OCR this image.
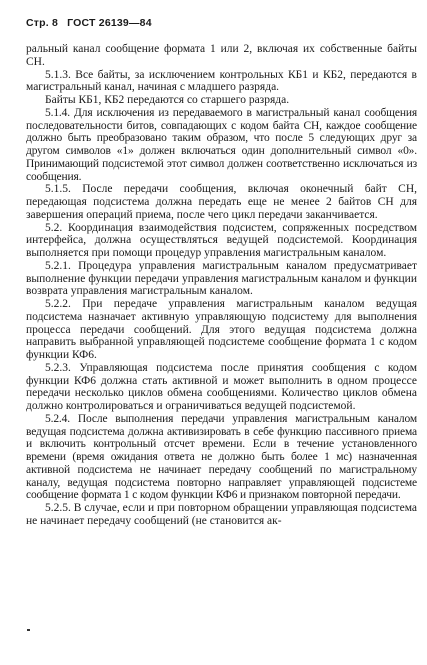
Стр. 8 ГОСТ 26139—84

ральный канал сообщение формата 1 или 2, включая их собственные байты СН.

5.1.3. Все байты, за исключением контрольных КБ1 и КБ2, передаются в магистральный канал, начиная с младшего разряда.

Байты КБ1, КБ2 передаются со старшего разряда.

5.1.4. Для исключения из передаваемого в магистральный канал сообщения последовательности битов, совпадающих с кодом байта СН, каждое сообщение должно быть преобразовано таким образом, что после 5 следующих друг за другом символов «1» должен включаться один дополнительный символ «0». Принимающий подсистемой этот символ должен соответственно исключаться из сообщения.

5.1.5. После передачи сообщения, включая оконечный байт СН, передающая подсистема должна передать еще не менее 2 байтов СН для завершения операций приема, после чего цикл передачи заканчивается.

5.2. Координация взаимодействия подсистем, сопряженных посредством интерфейса, должна осуществляться ведущей подсистемой. Координация выполняется при помощи процедур управления магистральным каналом.

5.2.1. Процедура управления магистральным каналом предусматривает выполнение функции передачи управления магистральным каналом и функции возврата управления магистральным каналом.

5.2.2. При передаче управления магистральным каналом ведущая подсистема назначает активную управляющую подсистему для выполнения процесса передачи сообщений. Для этого ведущая подсистема должна направить выбранной управляющей подсистеме сообщение формата 1 с кодом функции КФ6.

5.2.3. Управляющая подсистема после принятия сообщения с кодом функции КФ6 должна стать активной и может выполнить в одном процессе передачи несколько циклов обмена сообщениями. Количество циклов обмена должно контролироваться и ограничиваться ведущей подсистемой.

5.2.4. После выполнения передачи управления магистральным каналом ведущая подсистема должна активизировать в себе функцию пассивного приема и включить контрольный отсчет времени. Если в течение установленного времени (время ожидания ответа не должно быть более 1 мс) назначенная активной подсистема не начинает передачу сообщений по магистральному каналу, ведущая подсистема повторно направляет управляющей подсистеме сообщение формата 1 с кодом функции КФ6 и признаком повторной передачи.

5.2.5. В случае, если и при повторном обращении управляющая подсистема не начинает передачу сообщений (не становится ак-
